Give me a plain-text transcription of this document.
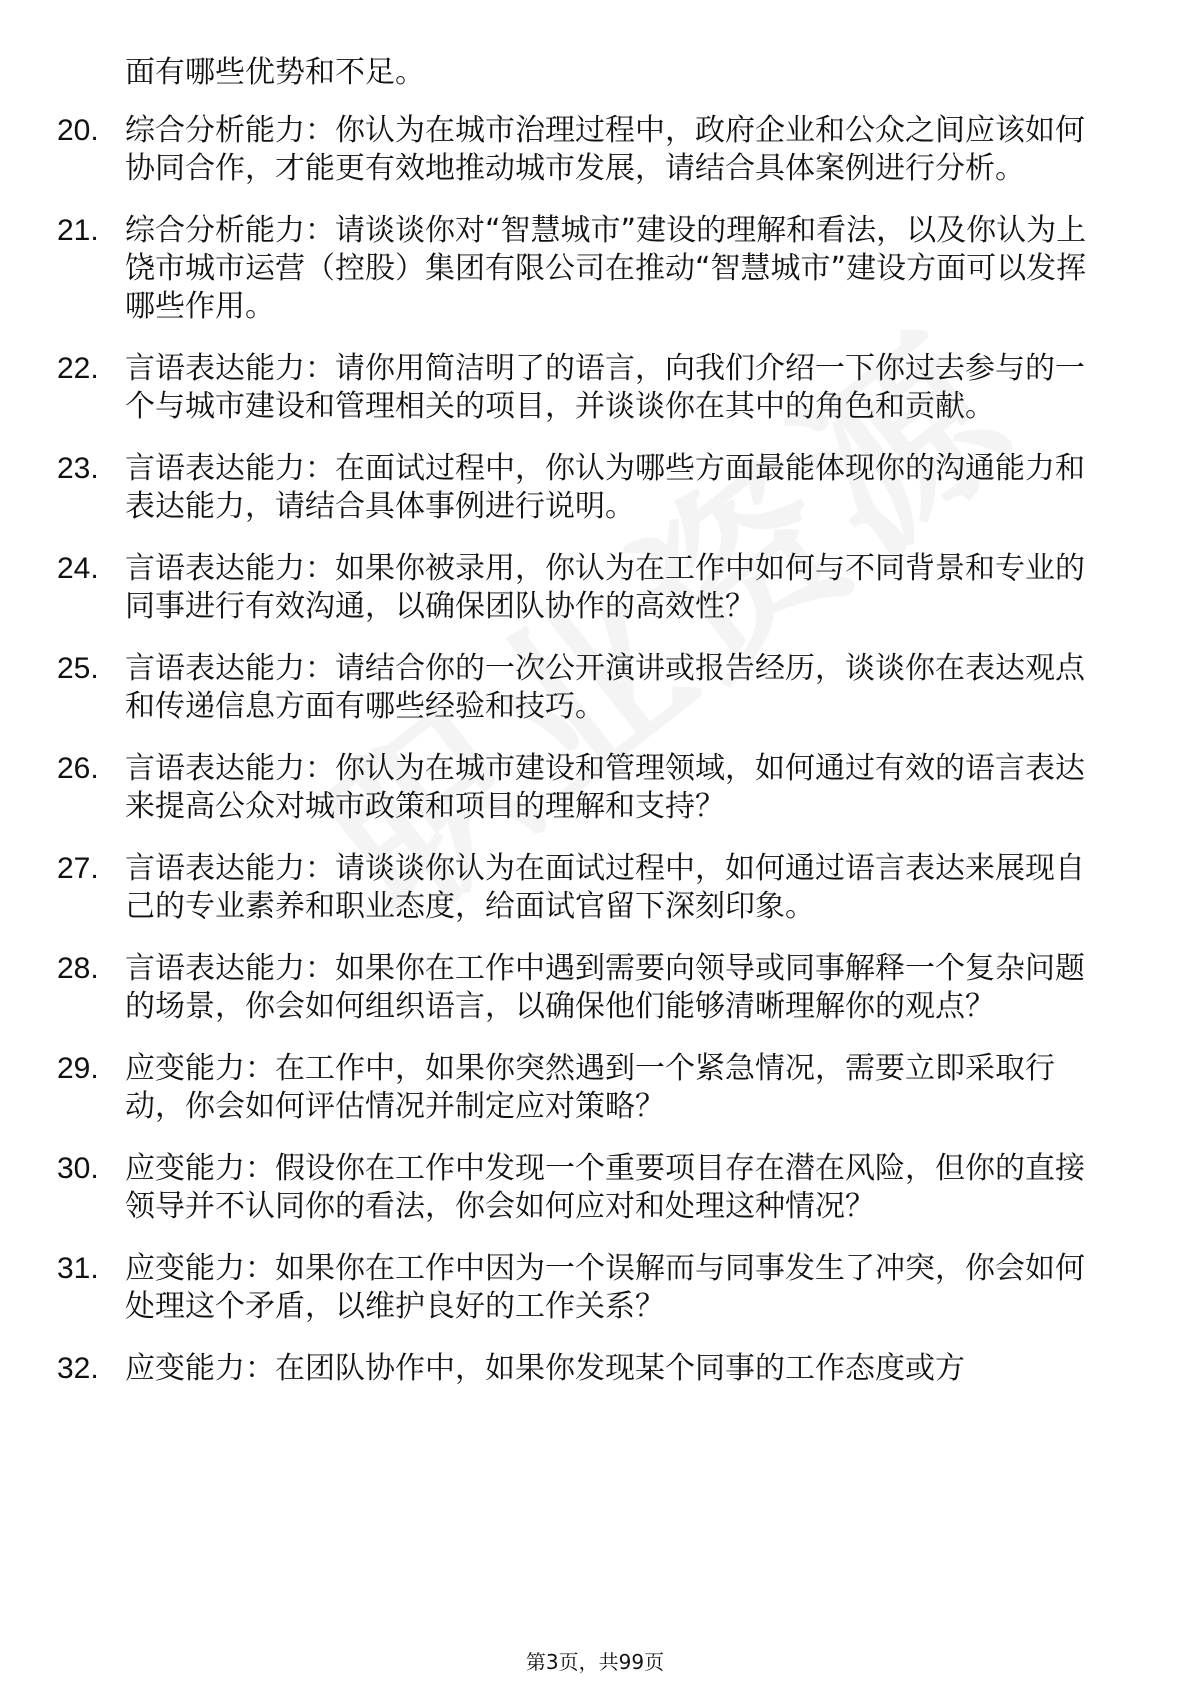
面有哪些优势和不足。
20. 综合分析能力：你认为在城市治理过程中，政府企业和公众之间应该如何协同合作，才能更有效地推动城市发展，请结合具体案例进行分析。
21. 综合分析能力：请谈谈你对“智慧城市”建设的理解和看法，以及你认为上饶市城市运营（控股）集团有限公司在推动“智慧城市”建设方面可以发挥哪些作用。
22. 言语表达能力：请你用简洁明了的语言，向我们介绍一下你过去参与的一个与城市建设和管理相关的项目，并谈谈你在其中的角色和贡献。
23. 言语表达能力：在面试过程中，你认为哪些方面最能体现你的沟通能力和表达能力，请结合具体事例进行说明。
24. 言语表达能力：如果你被录用，你认为在工作中如何与不同背景和专业的同事进行有效沟通，以确保团队协作的高效性？
25. 言语表达能力：请结合你的一次公开演讲或报告经历，谈谈你在表达观点和传递信息方面有哪些经验和技巧。
26. 言语表达能力：你认为在城市建设和管理领域，如何通过有效的语言表达来提高公众对城市政策和项目的理解和支持？
27. 言语表达能力：请谈谈你认为在面试过程中，如何通过语言表达来展现自己的专业素养和职业态度，给面试官留下深刻印象。
28. 言语表达能力：如果你在工作中遇到需要向领导或同事解释一个复杂问题的场景，你会如何组织语言，以确保他们能够清晰理解你的观点？
29. 应变能力：在工作中，如果你突然遇到一个紧急情况，需要立即采取行动，你会如何评估情况并制定应对策略？
30. 应变能力：假设你在工作中发现一个重要项目存在潜在风险，但你的直接领导并不认同你的看法，你会如何应对和处理这种情况？
31. 应变能力：如果你在工作中因为一个误解而与同事发生了冲突，你会如何处理这个矛盾，以维护良好的工作关系？
32. 应变能力：在团队协作中，如果你发现某个同事的工作态度或方
第3页，共99页
